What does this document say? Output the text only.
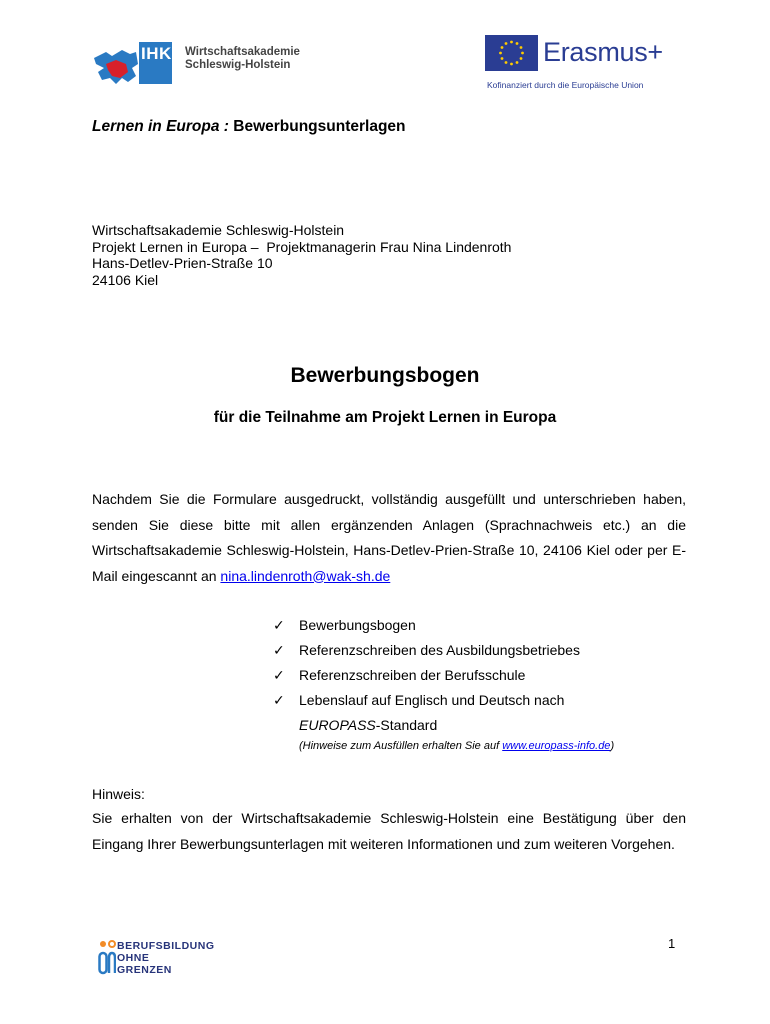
IHK Wirtschaftsakademie
Schleswig-Holstein	Erasmus+
Kofinanziert durch die Europäische Union
Lernen in Europa : Bewerbungsunterlagen
Wirtschaftsakademie Schleswig-Holstein
Projekt Lernen in Europa –  Projektmanagerin Frau Nina Lindenroth
Hans-Detlev-Prien-Straße 10
24106 Kiel
Bewerbungsbogen
für die Teilnahme am Projekt Lernen in Europa
Nachdem Sie die Formulare ausgedruckt, vollständig ausgefüllt und unterschrieben haben, senden Sie diese bitte mit allen ergänzenden Anlagen (Sprachnachweis etc.) an die Wirtschaftsakademie Schleswig-Holstein, Hans-Detlev-Prien-Straße 10, 24106 Kiel oder per E-Mail eingescannt an nina.lindenroth@wak-sh.de
✓ Bewerbungsbogen
✓ Referenzschreiben des Ausbildungsbetriebes
✓ Referenzschreiben der Berufsschule
✓ Lebenslauf auf Englisch und Deutsch nach
EUROPASS-Standard
(Hinweise zum Ausfüllen erhalten Sie auf www.europass-info.de)
Hinweis:
Sie erhalten von der Wirtschaftsakademie Schleswig-Holstein eine Bestätigung über den Eingang Ihrer Bewerbungsunterlagen mit weiteren Informationen und zum weiteren Vorgehen.
BERUFSBILDUNG
OHNE
GRENZEN
1
